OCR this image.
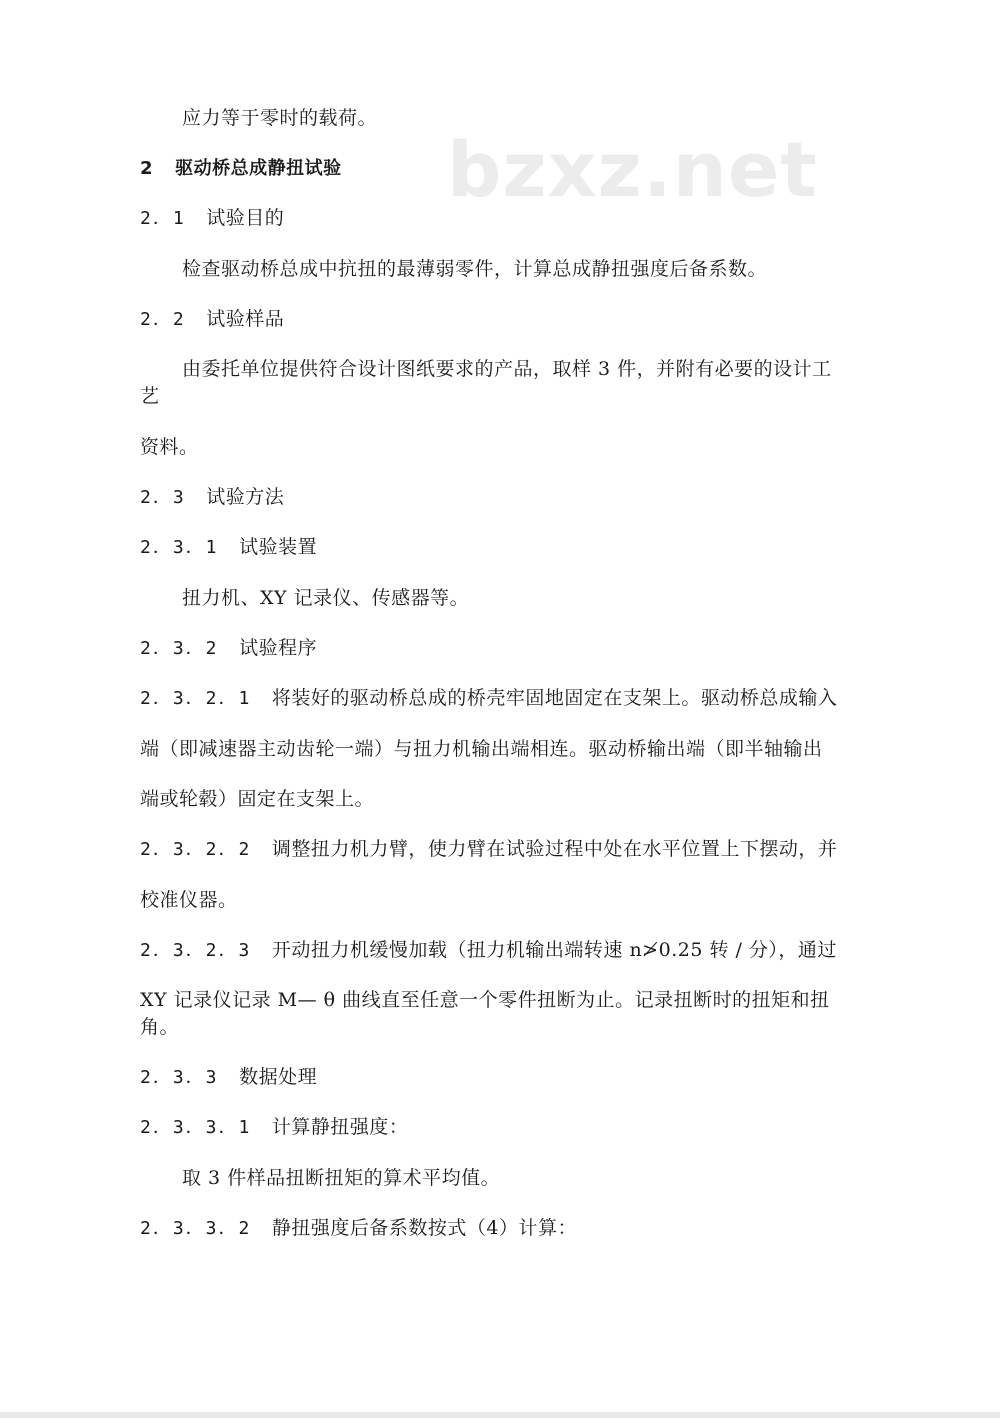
bzxz.net
应力等于零时的载荷。
2 驱动桥总成静扭试验
2．1 试验目的
检查驱动桥总成中抗扭的最薄弱零件，计算总成静扭强度后备系数。
2．2 试验样品
由委托单位提供符合设计图纸要求的产品，取样 3 件，并附有必要的设计工
艺
资料。
2．3 试验方法
2．3．1 试验装置
扭力机、XY 记录仪、传感器等。
2．3．2 试验程序
2．3．2．1 将装好的驱动桥总成的桥壳牢固地固定在支架上。驱动桥总成输入
端（即减速器主动齿轮一端）与扭力机输出端相连。驱动桥输出端（即半轴输出
端或轮毂）固定在支架上。
2．3．2．2 调整扭力机力臂，使力臂在试验过程中处在水平位置上下摆动，并
校准仪器。
2．3．2．3 开动扭力机缓慢加载（扭力机输出端转速 n≯0.25 转 / 分），通过
XY 记录仪记录 M— θ 曲线直至任意一个零件扭断为止。记录扭断时的扭矩和扭
角。
2．3．3 数据处理
2．3．3．1 计算静扭强度：
取 3 件样品扭断扭矩的算术平均值。
2．3．3．2 静扭强度后备系数按式（4）计算：
